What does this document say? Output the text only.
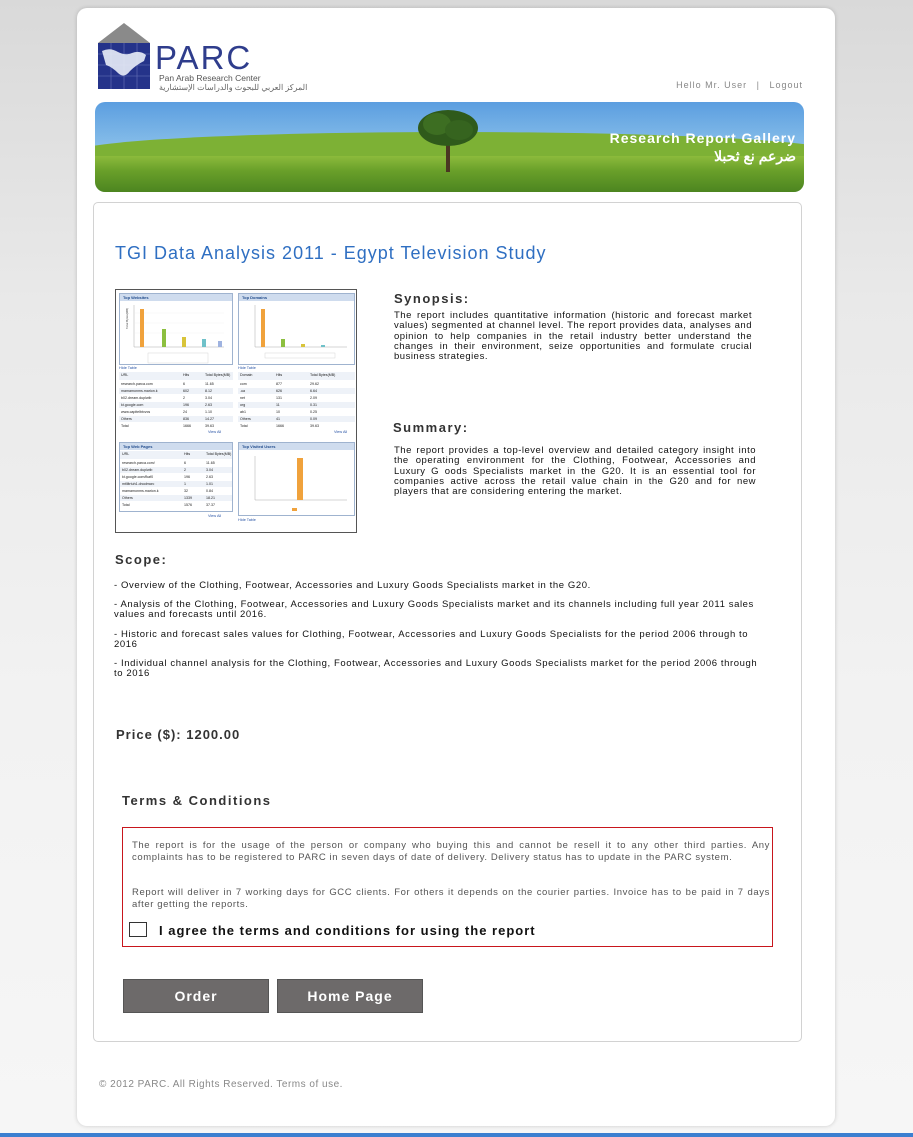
PARC
Pan Arab Research Center
المركز العربي للبحوث والدراسات الإستشارية	Hello Mr. User | Logout
Research Report Gallery
ضرعم نع ثحبلا
TGI Data Analysis 2011 - Egypt Television Study
Top Websites
Total Bytes(MB)
Hide Table
URL	Hits	Total Bytes(MB)
research.parca.com	6	11.65
mamamonms.marion.k	602	8.12
b02.dream.duplwib	2	3.04
kt.google.com	196	2.63
www.capitelbtvvcs	24	1.10
Others	836	14.27
Total	1666	39.63
View All
Top Domains
Hide Table
Domain	Hits	Total Bytes(MB)
com	877	29.62
.ua	626	6.64
net	131	2.09
org	11	0.31
ab1	10	0.25
Others	41	0.09
Total	1666	39.63
View All
Top Web Pages
URL	Hits	Total Bytes(MB)
research.parca.com/	6	11.65
b02.dream.duplwib	2	3.04
kt.google.com/fkaf0	196	2.63
mtliltrtuh1.dnodmcrc	1	1.01
mamamonms.marion.k	32	0.84
Others	1339	18.21
Total	1576	37.37
View All
Top Visited Users
Hide Table
Synopsis:
The report includes quantitative information (historic and forecast market values) segmented at channel level. The report provides data, analyses and opinion to help companies in the retail industry better understand the changes in their environment, seize opportunities and formulate crucial business strategies.
Summary:
The report provides a top-level overview and detailed category insight into the operating environment for the Clothing, Footwear, Accessories and Luxury G oods Specialists market in the G20. It is an essential tool for companies active across the retail value chain in the G20 and for new players that are considering entering the market.
Scope:
- Overview of the Clothing, Footwear, Accessories and Luxury Goods Specialists market in the G20.
- Analysis of the Clothing, Footwear, Accessories and Luxury Goods Specialists market and its channels including full year 2011 sales values and forecasts until 2016.
- Historic and forecast sales values for Clothing, Footwear, Accessories and Luxury Goods Specialists for the period 2006 through to 2016
- Individual channel analysis for the Clothing, Footwear, Accessories and Luxury Goods Specialists market for the period 2006 through to 2016
Price ($): 1200.00
Terms & Conditions
The report is for the usage of the person or company who buying this and cannot be resell it to any other third parties. Any complaints has to be registered to PARC in seven days of date of delivery. Delivery status has to update in the PARC system.
Report will deliver in 7 working days for GCC clients. For others it depends on the courier parties. Invoice has to be paid in 7 days after getting the reports.
I agree the terms and conditions for using the report
Order	Home Page
© 2012 PARC. All Rights Reserved. Terms of use.
